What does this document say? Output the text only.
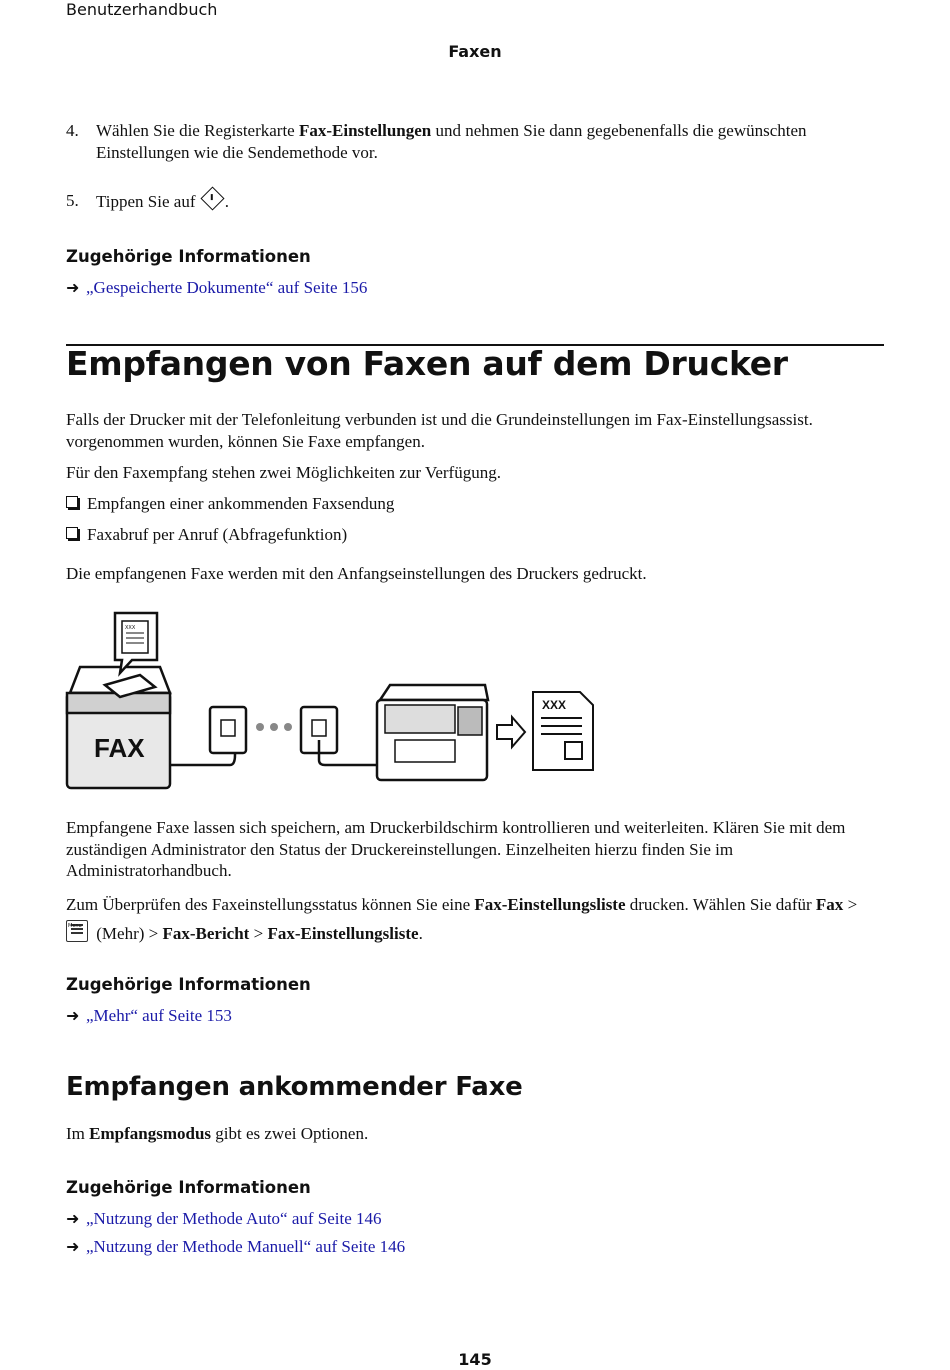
Benutzerhandbuch
Faxen
4.	Wählen Sie die Registerkarte Fax-Einstellungen und nehmen Sie dann gegebenenfalls die gewünschten Einstellungen wie die Sendemethode vor.
5.	Tippen Sie auf .
Zugehörige Informationen
➜ „Gespeicherte Dokumente“ auf Seite 156
Empfangen von Faxen auf dem Drucker
Falls der Drucker mit der Telefonleitung verbunden ist und die Grundeinstellungen im Fax-Einstellungsassist. vorgenommen wurden, können Sie Faxe empfangen.
Für den Faxempfang stehen zwei Möglichkeiten zur Verfügung.
Empfangen einer ankommenden Faxsendung
Faxabruf per Anruf (Abfragefunktion)
Die empfangenen Faxe werden mit den Anfangseinstellungen des Druckers gedruckt.
FAX
XXX
XXX
Empfangene Faxe lassen sich speichern, am Druckerbildschirm kontrollieren und weiterleiten. Klären Sie mit dem zuständigen Administrator den Status der Druckereinstellungen. Einzelheiten hierzu finden Sie im Administratorhandbuch.
Zum Überprüfen des Faxeinstellungsstatus können Sie eine Fax-Einstellungsliste drucken. Wählen Sie dafür Fax >

Menu (Mehr) > Fax-Bericht > Fax-Einstellungsliste.
Zugehörige Informationen
➜ „Mehr“ auf Seite 153
Empfangen ankommender Faxe
Im Empfangsmodus gibt es zwei Optionen.
Zugehörige Informationen
➜ „Nutzung der Methode Auto“ auf Seite 146
➜ „Nutzung der Methode Manuell“ auf Seite 146
145
